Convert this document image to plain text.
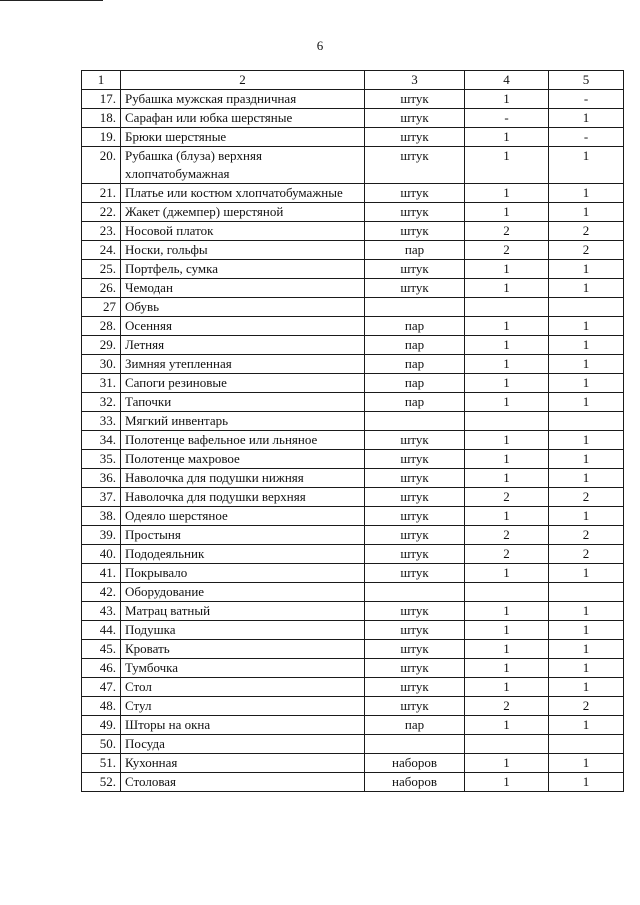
6
1	2	3	4	5
17.	Рубашка мужская праздничная	штук	1	-
18.	Сарафан или юбка шерстяные	штук	-	1
19.	Брюки шерстяные	штук	1	-
20.	Рубашка (блуза) верхняя хлопчатобумажная	штук	1	1
21.	Платье или костюм хлопчатобумажные	штук	1	1
22.	Жакет (джемпер) шерстяной	штук	1	1
23.	Носовой платок	штук	2	2
24.	Носки, гольфы	пар	2	2
25.	Портфель, сумка	штук	1	1
26.	Чемодан	штук	1	1
27	Обувь			
28.	Осенняя	пар	1	1
29.	Летняя	пар	1	1
30.	Зимняя утепленная	пар	1	1
31.	Сапоги резиновые	пар	1	1
32.	Тапочки	пар	1	1
33.	Мягкий инвентарь			
34.	Полотенце вафельное или льняное	штук	1	1
35.	Полотенце махровое	штук	1	1
36.	Наволочка для подушки нижняя	штук	1	1
37.	Наволочка для подушки верхняя	штук	2	2
38.	Одеяло шерстяное	штук	1	1
39.	Простыня	штук	2	2
40.	Пододеяльник	штук	2	2
41.	Покрывало	штук	1	1
42.	Оборудование			
43.	Матрац ватный	штук	1	1
44.	Подушка	штук	1	1
45.	Кровать	штук	1	1
46.	Тумбочка	штук	1	1
47.	Стол	штук	1	1
48.	Стул	штук	2	2
49.	Шторы на окна	пар	1	1
50.	Посуда			
51.	Кухонная	наборов	1	1
52.	Столовая	наборов	1	1
